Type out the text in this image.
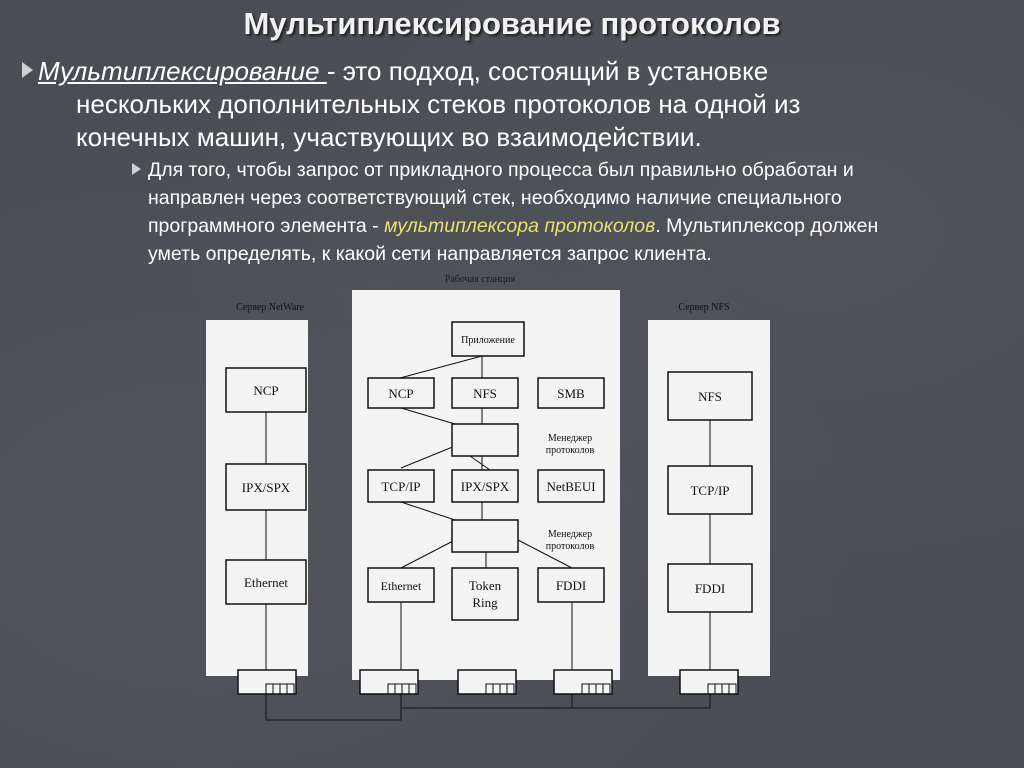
Мультиплексирование протоколов
Мультиплексирование - это подход, состоящий в установке
нескольких дополнительных стеков протоколов на одной из
конечных машин, участвующих во взаимодействии.
Для того, чтобы запрос от прикладного процесса был правильно обработан и
направлен через соответствующий стек, необходимо наличие специального
программного элемента - мультиплексора протоколов. Мультиплексор должен
уметь определять, к какой сети направляется запрос клиента.
Сервер NetWare
Рабочая станция
Сервер NFS
NCP
IPX/SPX
Ethernet
Приложение
NCP	NFS	SMB
Менеджер
протоколов
TCP/IP	IPX/SPX	NetBEUI
Менеджер
протоколов
Ethernet	Token
Ring
FDDI
NFS
TCP/IP
FDDI
